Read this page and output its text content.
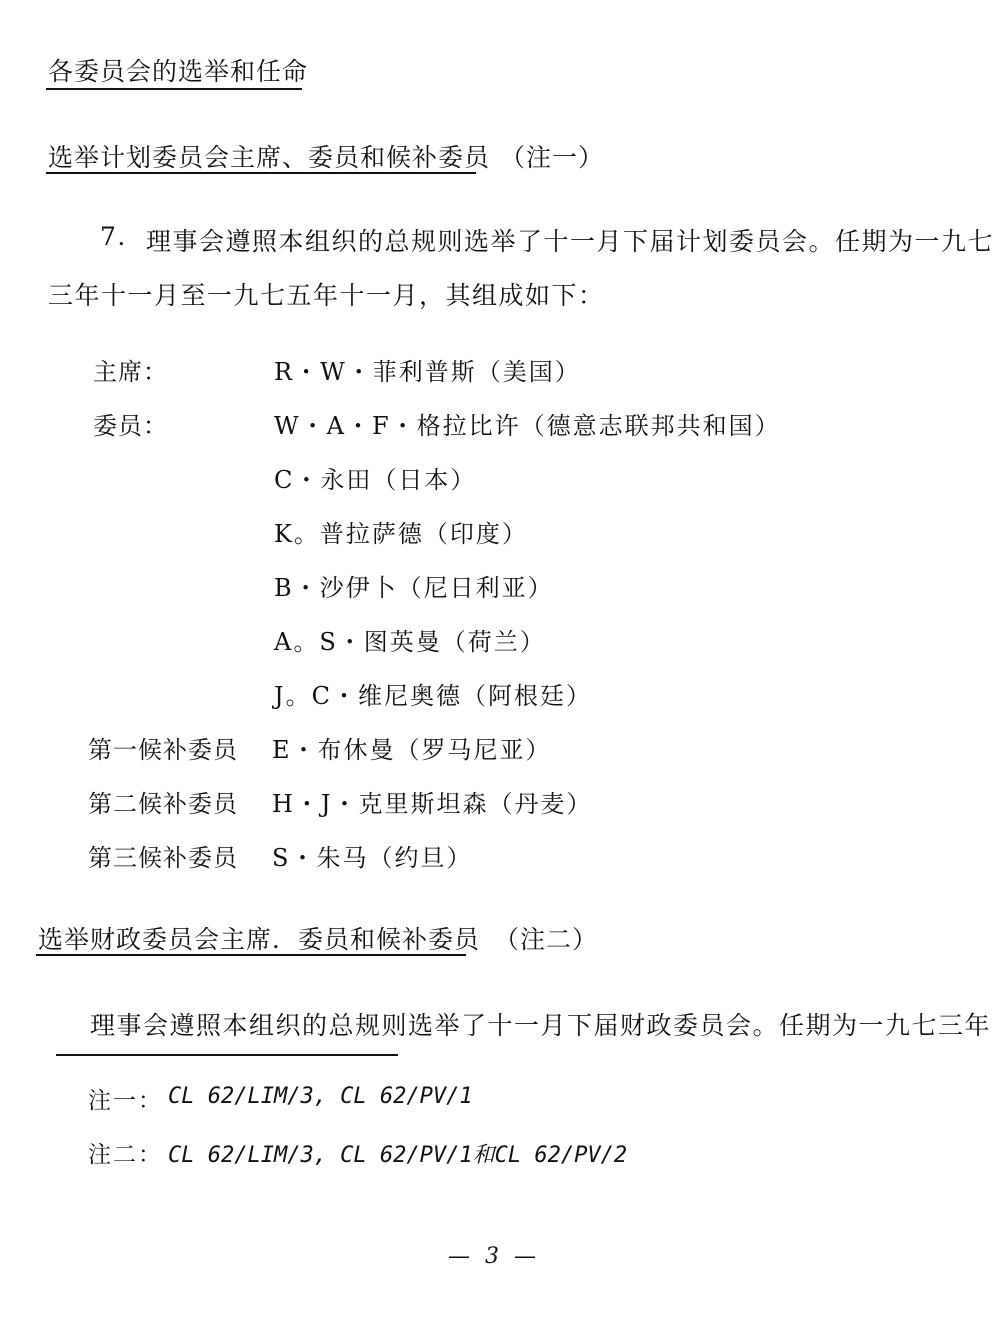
各委员会的选举和任命
选举计划委员会主席、委员和候补委员 （注一）
7. 理事会遵照本组织的总规则选举了十一月下届计划委员会。任期为一九七
三年十一月至一九七五年十一月，其组成如下：
主席：	R・W・菲利普斯（美国）
委员：	W・A・F・格拉比许（德意志联邦共和国）
C・永田（日本）
K。普拉萨德（印度）
B・沙伊卜（尼日利亚）
A。S・图英曼（荷兰）
J。C・维尼奥德（阿根廷）
第一候补委员 E・布休曼（罗马尼亚）
第二候补委员 H・J・克里斯坦森（丹麦）
第三候补委员 S・朱马（约旦）
选举财政委员会主席．委员和候补委员 （注二）
理事会遵照本组织的总规则选举了十一月下届财政委员会。任期为一九七三年
注一： CL 62/LIM/3, CL 62/PV/1
注二： CL 62/LIM/3, CL 62/PV/1和CL 62/PV/2
— 3 —
